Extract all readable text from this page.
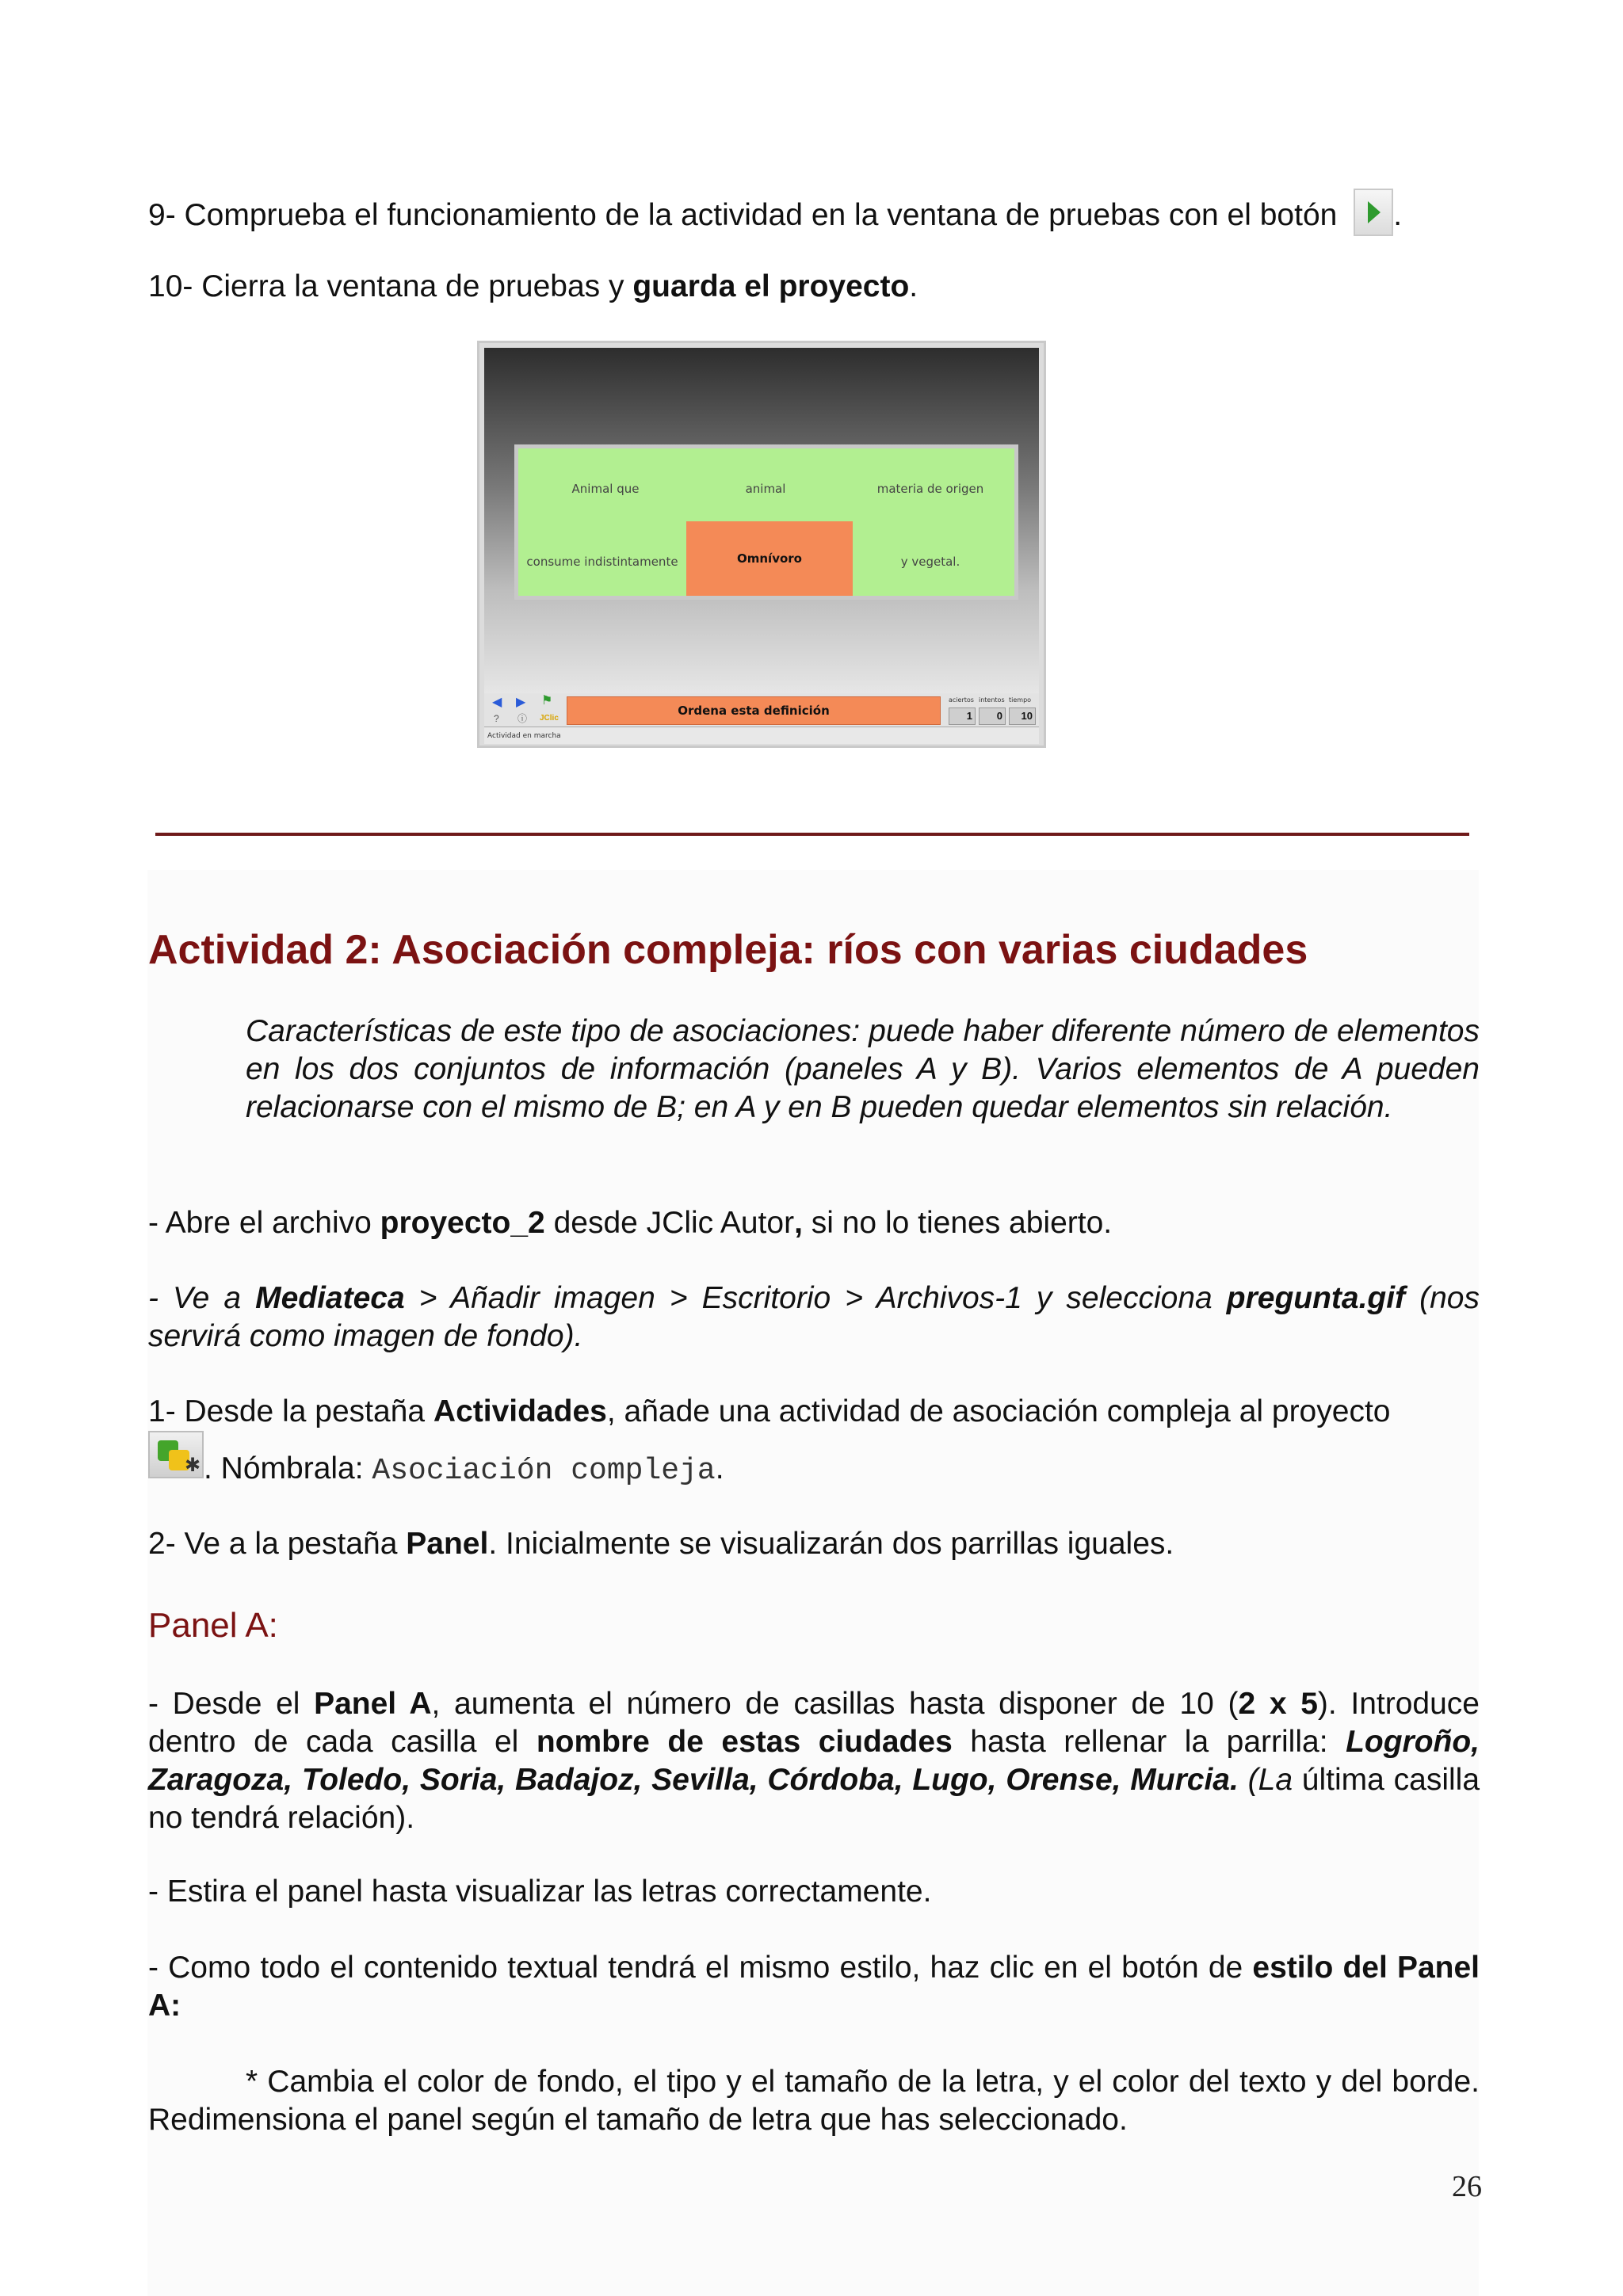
9- Comprueba el funcionamiento de la actividad en la ventana de pruebas con el botón .
10- Cierra la ventana de pruebas y guarda el proyecto.
Animal que	animal	materia de origen
consume indistintamente	Omnívoro	y vegetal.
◀ ▶ ⚑
? ⓘ JClic
Ordena esta definición
aciertos intentos tiempo
1	0	10
Actividad en marcha
Actividad 2: Asociación compleja: ríos con varias ciudades
Características de este tipo de asociaciones: puede haber diferente número de elementos en los dos conjuntos de información (paneles A y B). Varios elementos de A pueden relacionarse con el mismo de B; en A y en B pueden quedar elementos sin relación.
- Abre el archivo proyecto_2 desde JClic Autor, si no lo tienes abierto.
- Ve a Mediateca > Añadir imagen > Escritorio > Archivos-1 y selecciona pregunta.gif (nos servirá como imagen de fondo).
1- Desde la pestaña Actividades, añade una actividad de asociación compleja al proyecto
✱ . Nómbrala: Asociación compleja.
2- Ve a la pestaña Panel. Inicialmente se visualizarán dos parrillas iguales.
Panel A:
- Desde el Panel A, aumenta el número de casillas hasta disponer de 10 (2 x 5). Introduce dentro de cada casilla el nombre de estas ciudades hasta rellenar la parrilla: Logroño, Zaragoza, Toledo, Soria, Badajoz, Sevilla, Córdoba, Lugo, Orense, Murcia. (La última casilla no tendrá relación).
- Estira el panel hasta visualizar las letras correctamente.
- Como todo el contenido textual tendrá el mismo estilo, haz clic en el botón de estilo del Panel A:
* Cambia el color de fondo, el tipo y el tamaño de la letra, y el color del texto y del borde. Redimensiona el panel según el tamaño de letra que has seleccionado.
26
